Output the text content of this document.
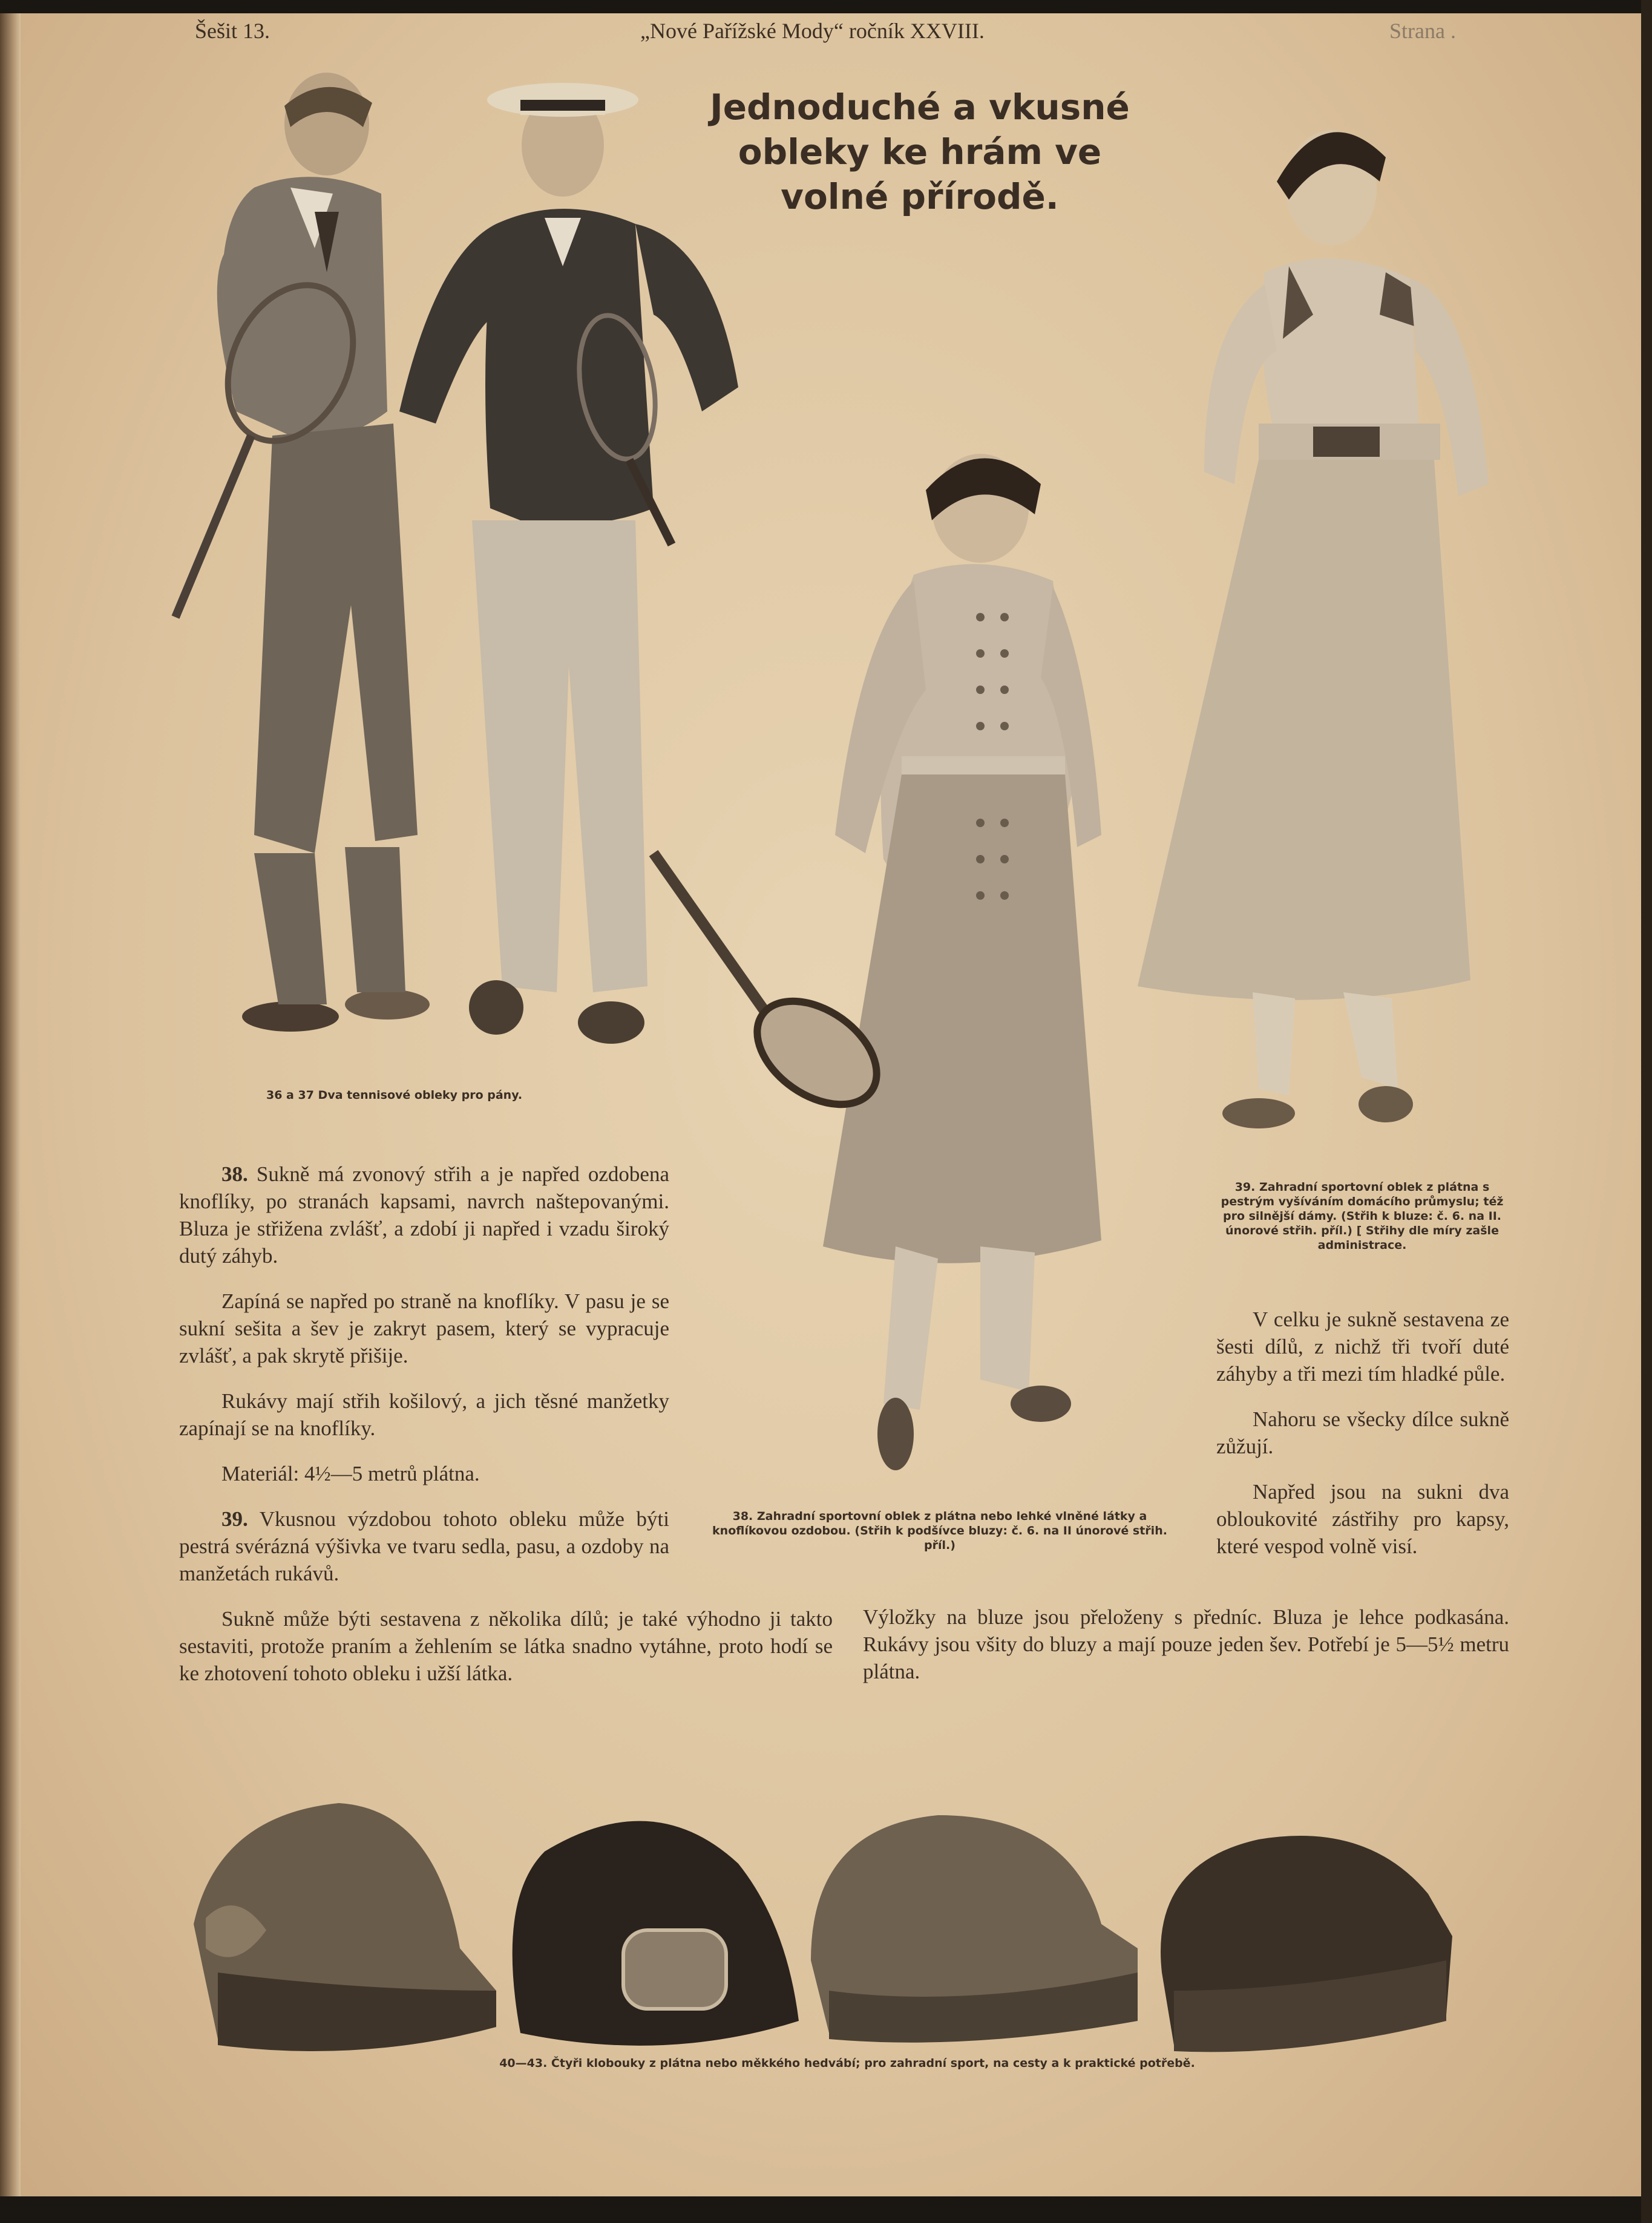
Šešit 13.	„Nové Pařížské Mody“ ročník XXVIII.	Strana .
Jednoduché a vkusné obleky ke hrám ve volné přírodě.
36 a 37 Dva tennisové obleky pro pány.
39. Zahradní sportovní oblek z plátna s pestrým vyšíváním domácího průmyslu; též pro silnější dámy. (Střih k bluze: č. 6. na II. únorové střih. příl.) [ Střihy dle míry zašle administrace.
38. Zahradní sportovní oblek z plátna nebo lehké vlněné látky a knoflíkovou ozdobou. (Střih k podšívce bluzy: č. 6. na II únorové střih. příl.)

38. Sukně má zvonový střih a je napřed ozdobena knoflíky, po stranách kapsami, navrch naštepovanými. Bluza je střižena zvlášť, a zdobí ji napřed i vzadu široký dutý záhyb.

Zapíná se napřed po straně na knoflíky. V pasu je se sukní sešita a šev je zakryt pasem, který se vypracuje zvlášť, a pak skrytě přišije.

Rukávy mají střih košilový, a jich těsné manžetky zapínají se na knoflíky.

Materiál: 4½—5 metrů plátna.

39. Vkusnou výzdobou tohoto obleku může býti pestrá svérázná výšivka ve tvaru sedla, pasu, a ozdoby na manžetách rukávů.

Sukně může býti sestavena z několika dílů; je také výhodno ji takto sestaviti, protože praním a žehlením se látka snadno vytáhne, proto hodí se ke zhotovení tohoto obleku i užší látka.

V celku je sukně sestavena ze šesti dílů, z nichž tři tvoří duté záhyby a tři mezi tím hladké půle.

Nahoru se všecky dílce sukně zůžují.

Napřed jsou na sukni dva obloukovité zástřihy pro kapsy, které vespod volně visí.

Výložky na bluze jsou přeloženy s předníc. Bluza je lehce podkasána. Rukávy jsou všity do bluzy a mají pouze jeden šev. Potřebí je 5—5½ metru plátna.

40—43. Čtyři klobouky z plátna nebo měkkého hedvábí; pro zahradní sport, na cesty a k praktické potřebě.
